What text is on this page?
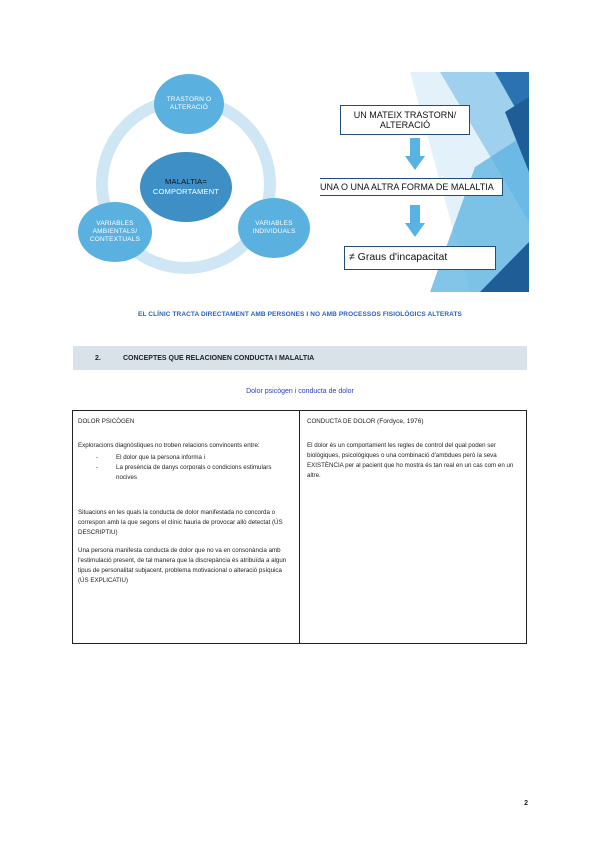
TRASTORN O
ALTERACIÓ
MALALTIA=
COMPORTAMENT
VARIABLES
AMBIENTALS/
CONTEXTUALS
VARIABLES
INDIVIDUALS
UN MATEIX TRASTORN/
ALTERACIÓ
UNA O UNA ALTRA FORMA DE MALALTIA
≠ Graus d'incapacitat
EL CLÍNIC TRACTA DIRECTAMENT AMB PERSONES I NO AMB PROCESSOS FISIOLÒGICS ALTERATS
2.	CONCEPTES QUE RELACIONEN CONDUCTA I MALALTIA
Dolor psicògen i conducta de dolor
DOLOR PSICÒGEN

Exploracions diagnòstiques no troben relacions convincents entre:

-	El dolor que la persona informa i
-	La presència de danys corporals o condicions estimulars nocives

Situacions en les quals la conducta de dolor manifestada no concorda o correspon amb la que segons el clínic hauria de provocar allò detectat (ÚS DESCRIPTIU)

Una persona manifesta conducta de dolor que no va en consonància amb l'estimulació present, de tal manera que la discrepància és atribuïda a algun tipus de personalitat subjacent, problema motivacional o alteració psíquica (ÚS EXPLICATIU)

CONDUCTA DE DOLOR (Fordyce, 1976)

El dolor és un comportament les regles de control del qual poden ser biològiques, psicològiques o una combinació d'ambdues però la seva EXISTÈNCIA per al pacient que ho mostra és tan real en un cas com en un altre.

2
